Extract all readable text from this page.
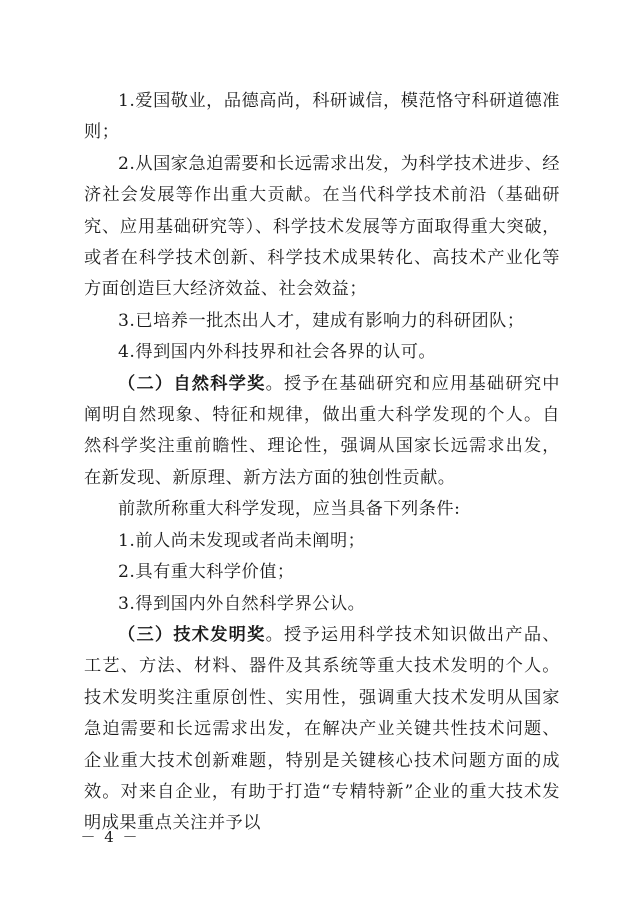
1.爱国敬业，品德高尚，科研诚信，模范恪守科研道德准则；

2.从国家急迫需要和长远需求出发，为科学技术进步、经济社会发展等作出重大贡献。在当代科学技术前沿（基础研究、应用基础研究等）、科学技术发展等方面取得重大突破，或者在科学技术创新、科学技术成果转化、高技术产业化等方面创造巨大经济效益、社会效益；

3.已培养一批杰出人才，建成有影响力的科研团队；

4.得到国内外科技界和社会各界的认可。

（二）自然科学奖。授予在基础研究和应用基础研究中阐明自然现象、特征和规律，做出重大科学发现的个人。自然科学奖注重前瞻性、理论性，强调从国家长远需求出发，在新发现、新原理、新方法方面的独创性贡献。

前款所称重大科学发现，应当具备下列条件:

1.前人尚未发现或者尚未阐明；

2.具有重大科学价值；

3.得到国内外自然科学界公认。

（三）技术发明奖。授予运用科学技术知识做出产品、工艺、方法、材料、器件及其系统等重大技术发明的个人。技术发明奖注重原创性、实用性，强调重大技术发明从国家急迫需要和长远需求出发，在解决产业关键共性技术问题、企业重大技术创新难题，特别是关键核心技术问题方面的成效。对来自企业，有助于打造“专精特新”企业的重大技术发明成果重点关注并予以

－ 4 －
